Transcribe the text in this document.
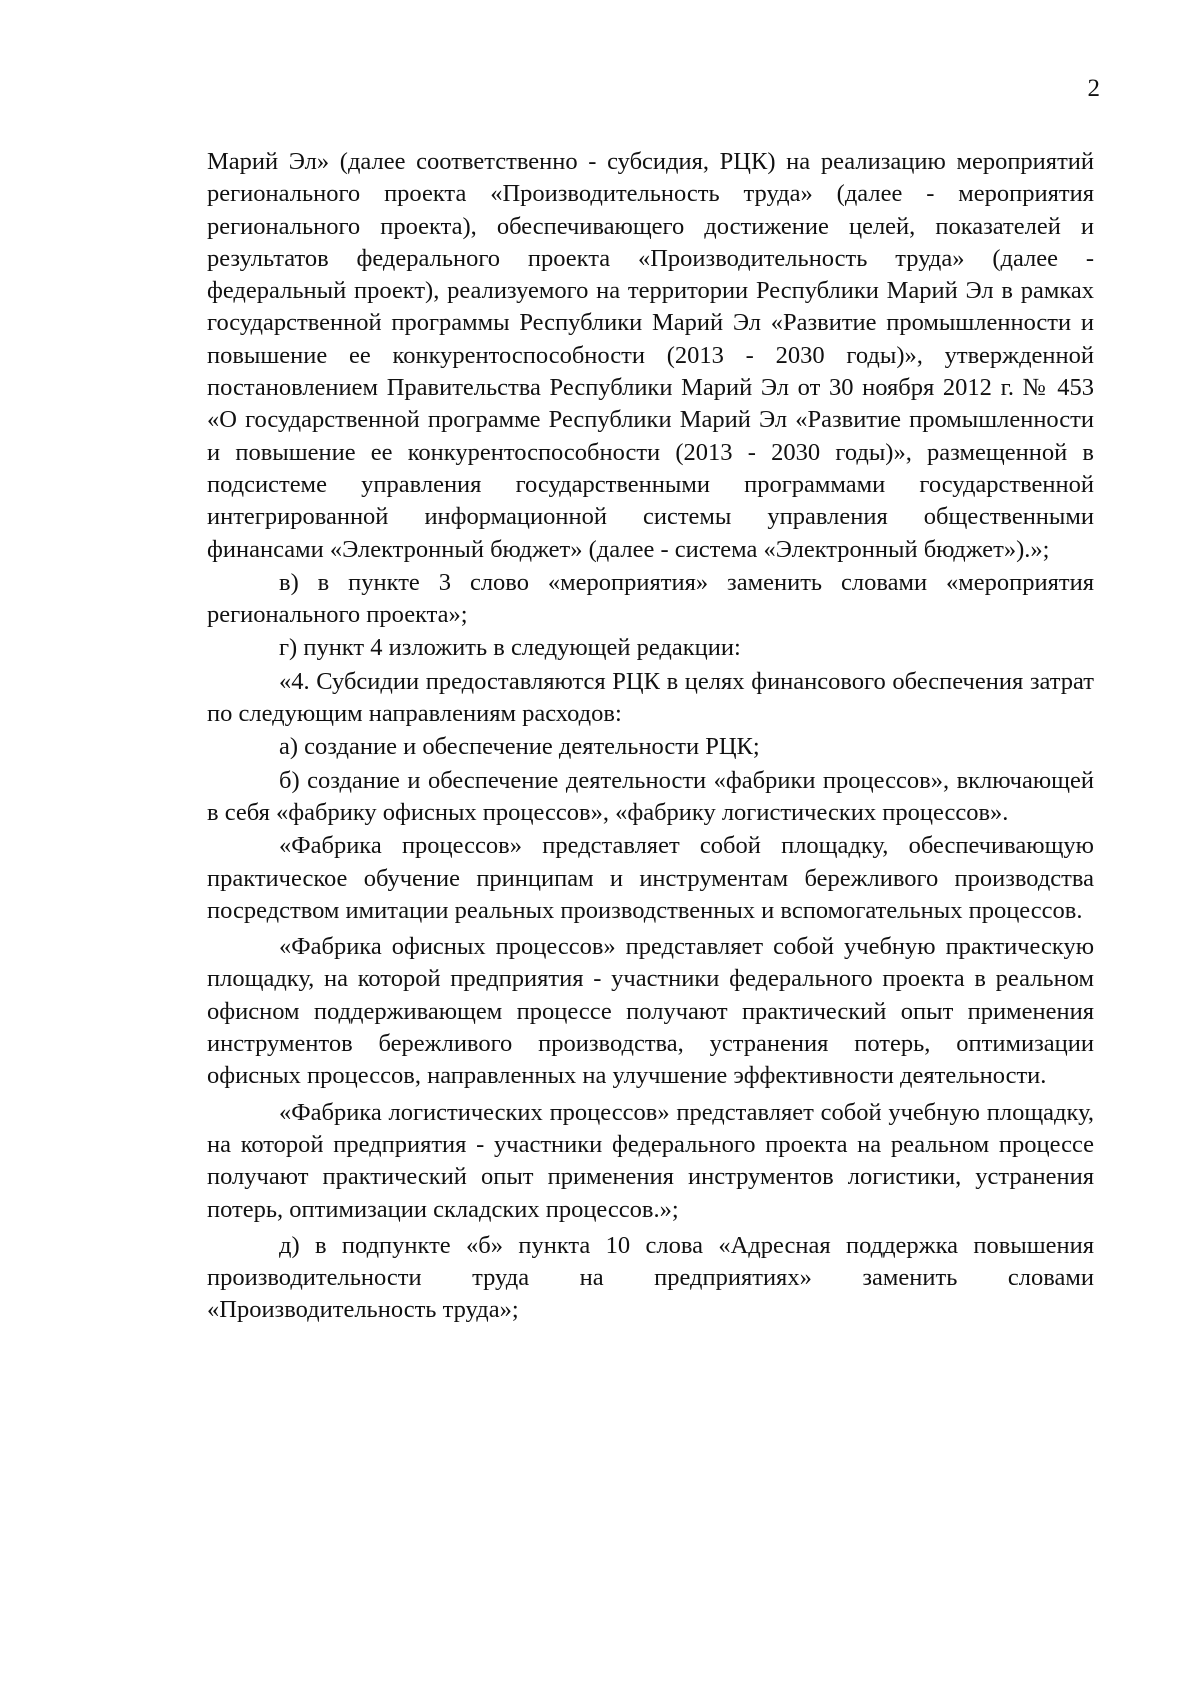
2

Марий Эл» (далее соответственно - субсидия, РЦК) на реализацию мероприятий регионального проекта «Производительность труда» (далее - мероприятия регионального проекта), обеспечивающего достижение целей, показателей и результатов федерального проекта «Производительность труда» (далее - федеральный проект), реализуемого на территории Республики Марий Эл в рамках государственной программы Республики Марий Эл «Развитие промышленности и повышение ее конкурентоспособности (2013 - 2030 годы)», утвержденной постановлением Правительства Республики Марий Эл от 30 ноября 2012 г. № 453 «О государственной программе Республики Марий Эл «Развитие промышленности и повышение ее конкурентоспособности (2013 - 2030 годы)», размещенной в подсистеме управления государственными программами государственной интегрированной информационной системы управления общественными финансами «Электронный бюджет» (далее - система «Электронный бюджет»).»;

в) в пункте 3 слово «мероприятия» заменить словами «мероприятия регионального проекта»;

г) пункт 4 изложить в следующей редакции:

«4. Субсидии предоставляются РЦК в целях финансового обеспечения затрат по следующим направлениям расходов:

а) создание и обеспечение деятельности РЦК;

б) создание и обеспечение деятельности «фабрики процессов», включающей в себя «фабрику офисных процессов», «фабрику логистических процессов».

«Фабрика процессов» представляет собой площадку, обеспечивающую практическое обучение принципам и инструментам бережливого производства посредством имитации реальных производственных и вспомогательных процессов.

«Фабрика офисных процессов» представляет собой учебную практическую площадку, на которой предприятия - участники федерального проекта в реальном офисном поддерживающем процессе получают практический опыт применения инструментов бережливого производства, устранения потерь, оптимизации офисных процессов, направленных на улучшение эффективности деятельности.

«Фабрика логистических процессов» представляет собой учебную площадку, на которой предприятия - участники федерального проекта на реальном процессе получают практический опыт применения инструментов логистики, устранения потерь, оптимизации складских процессов.»;

д) в подпункте «б» пункта 10 слова «Адресная поддержка повышения производительности труда на предприятиях» заменить словами «Производительность труда»;
